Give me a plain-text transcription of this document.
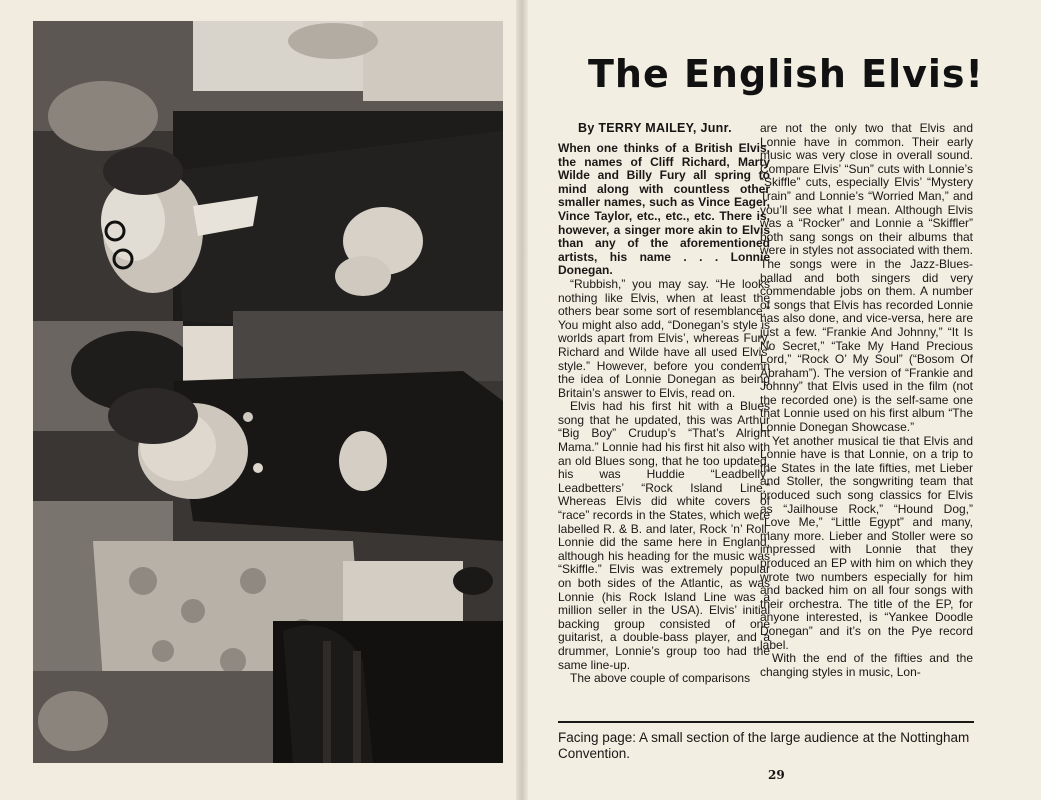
The English Elvis!
By TERRY MAILEY, Junr.

When one thinks of a British Elvis, the names of Cliff Richard, Marty Wilde and Billy Fury all spring to mind along with countless other smaller names, such as Vince Eager, Vince Taylor, etc., etc., etc. There is, however, a singer more akin to Elvis than any of the aforementioned artists, his name . . . Lonnie Donegan.

“Rubbish,” you may say. “He looks nothing like Elvis, when at least the others bear some sort of resemblance.” You might also add, “Donegan’s style is worlds apart from Elvis’, whereas Fury, Richard and Wilde have all used Elvis’ style.” However, before you condemn the idea of Lonnie Donegan as being Britain’s answer to Elvis, read on.

Elvis had his first hit with a Blues song that he updated, this was Arthur “Big Boy” Crudup’s “That’s Alright Mama.” Lonnie had his first hit also with an old Blues song, that he too updated, his was Huddie “Leadbelly” Leadbetters’ “Rock Island Line.” Whereas Elvis did white covers of “race” records in the States, which were labelled R. & B. and later, Rock ’n’ Roll, Lonnie did the same here in England, although his heading for the music was “Skiffle.” Elvis was extremely popular on both sides of the Atlantic, as was Lonnie (his Rock Island Line was a million seller in the USA). Elvis’ initial backing group consisted of one guitarist, a double-bass player, and a drummer, Lonnie’s group too had the same line-up.

The above couple of comparisons

are not the only two that Elvis and Lonnie have in common. Their early music was very close in overall sound. Compare Elvis’ “Sun” cuts with Lonnie’s “Skiffle” cuts, especially Elvis’ “Mystery Train” and Lonnie’s “Worried Man,” and you’ll see what I mean. Although Elvis was a “Rocker” and Lonnie a “Skiffler” both sang songs on their albums that were in styles not associated with them. The songs were in the Jazz-Blues-ballad and both singers did very commendable jobs on them. A number of songs that Elvis has recorded Lonnie has also done, and vice-versa, here are just a few. “Frankie And Johnny,” “It Is No Secret,” “Take My Hand Precious Lord,” “Rock O’ My Soul” (“Bosom Of Abraham”). The version of “Frankie and Johnny” that Elvis used in the film (not the recorded one) is the self-same one that Lonnie used on his first album “The Lonnie Donegan Showcase.”

Yet another musical tie that Elvis and Lonnie have is that Lonnie, on a trip to the States in the late fifties, met Lieber and Stoller, the songwriting team that produced such song classics for Elvis as “Jailhouse Rock,” “Hound Dog,” “Love Me,” “Little Egypt” and many, many more. Lieber and Stoller were so impressed with Lonnie that they produced an EP with him on which they wrote two numbers especially for him and backed him on all four songs with their orchestra. The title of the EP, for anyone interested, is “Yankee Doodle Donegan” and it’s on the Pye record label.

With the end of the fifties and the changing styles in music, Lon-

Facing page: A small section of the large audience at the Nottingham Convention.
29
